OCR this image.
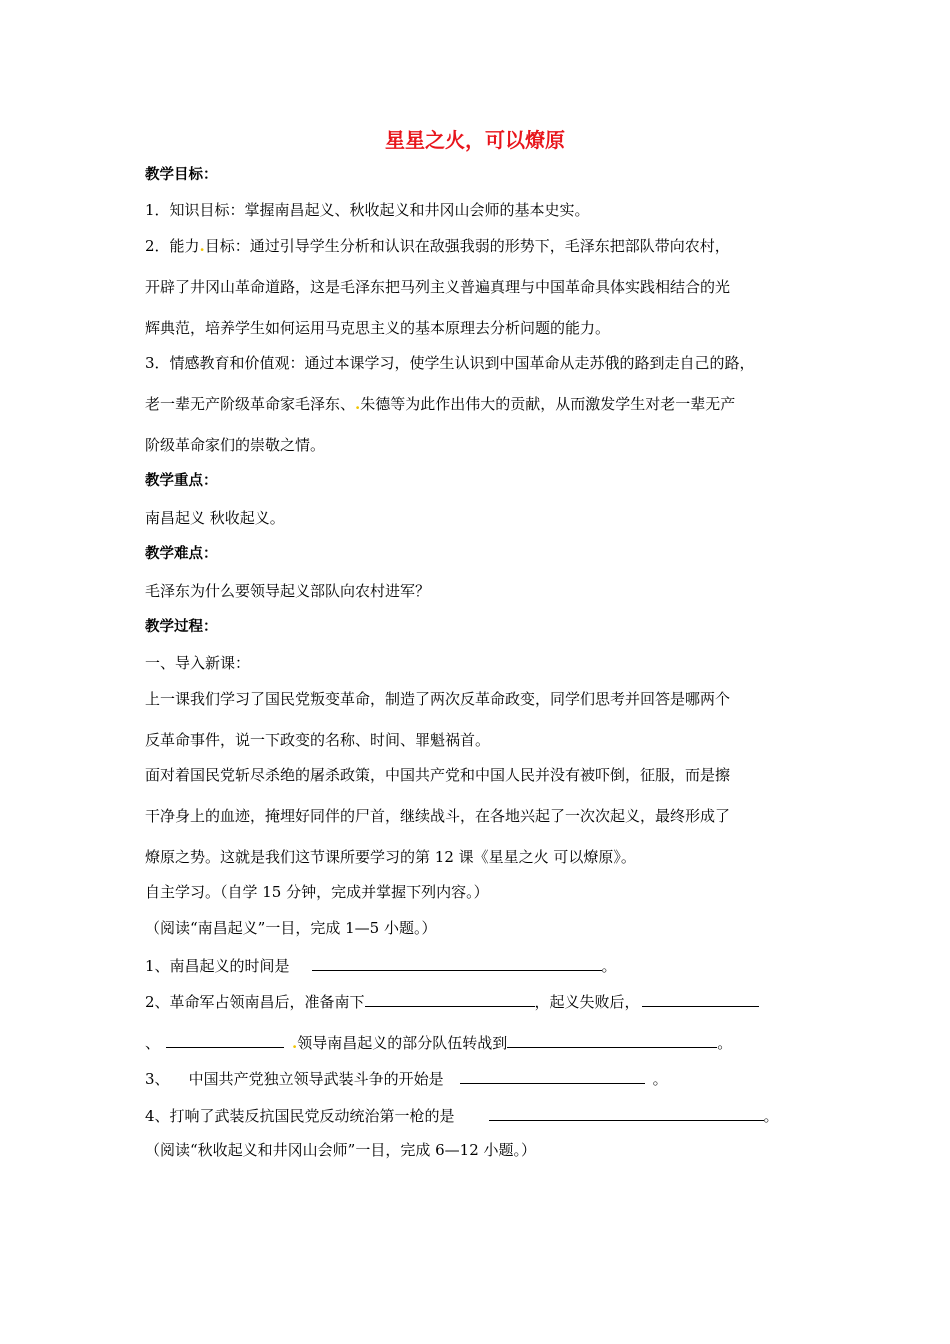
星星之火，可以燎原
教学目标：
1．知识目标：掌握南昌起义、秋收起义和井冈山会师的基本史实。
2．能力.目标：通过引导学生分析和认识在敌强我弱的形势下，毛泽东把部队带向农村，
开辟了井冈山革命道路，这是毛泽东把马列主义普遍真理与中国革命具体实践相结合的光
辉典范，培养学生如何运用马克思主义的基本原理去分析问题的能力。
3．情感教育和价值观：通过本课学习，使学生认识到中国革命从走苏俄的路到走自己的路，
老一辈无产阶级革命家毛泽东、.朱德等为此作出伟大的贡献，从而激发学生对老一辈无产
阶级革命家们的崇敬之情。
教学重点：
南昌起义 秋收起义。
教学难点：
毛泽东为什么要领导起义部队向农村进军？
教学过程：
一、导入新课：
上一课我们学习了国民党叛变革命，制造了两次反革命政变，同学们思考并回答是哪两个
反革命事件，说一下政变的名称、时间、罪魁祸首。
面对着国民党斩尽杀绝的屠杀政策，中国共产党和中国人民并没有被吓倒，征服，而是擦
干净身上的血迹，掩埋好同伴的尸首，继续战斗，在各地兴起了一次次起义，最终形成了
燎原之势。这就是我们这节课所要学习的第 12 课《星星之火 可以燎原》。
自主学习。（自学 15 分钟，完成并掌握下列内容。）
（阅读“南昌起义”一目，完成 1—5 小题。）
1、南昌起义的时间是	。
2、革命军占领南昌后，准备南下	，起义失败后，
、	.领导南昌起义的部分队伍转战到	。
3、    中国共产党独立领导武装斗争的开始是	。
4、打响了武装反抗国民党反动统治第一枪的是	。
（阅读“秋收起义和井冈山会师”一目，完成 6—12 小题。）
